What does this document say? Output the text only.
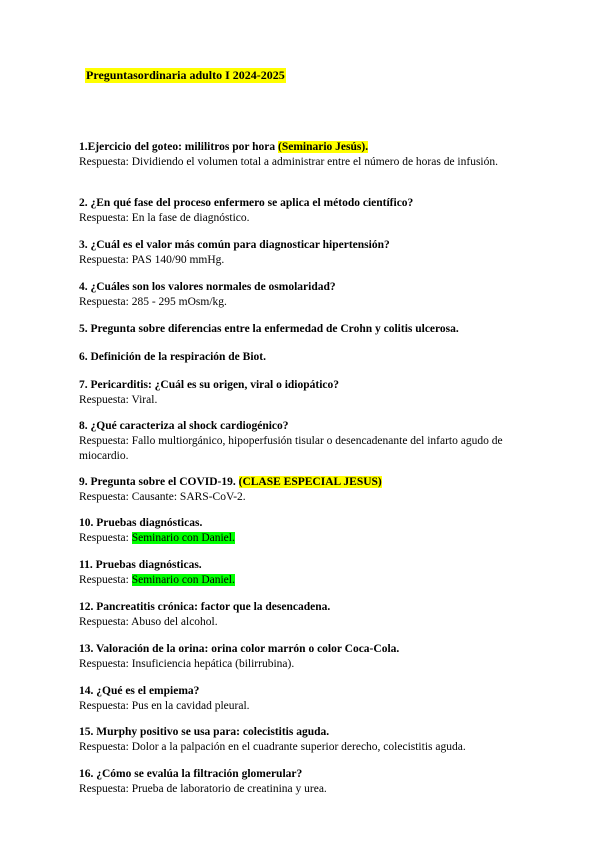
Preguntasordinaria adulto I 2024-2025
1.Ejercicio del goteo: mililitros por hora (Seminario Jesús).
Respuesta: Dividiendo el volumen total a administrar entre el número de horas de infusión.
2. ¿En qué fase del proceso enfermero se aplica el método científico?
Respuesta: En la fase de diagnóstico.
3. ¿Cuál es el valor más común para diagnosticar hipertensión?
Respuesta: PAS 140/90 mmHg.
4. ¿Cuáles son los valores normales de osmolaridad?
Respuesta: 285 - 295 mOsm/kg.
5. Pregunta sobre diferencias entre la enfermedad de Crohn y colitis ulcerosa.
6. Definición de la respiración de Biot.
7. Pericarditis: ¿Cuál es su origen, viral o idiopático?
Respuesta: Viral.
8. ¿Qué caracteriza al shock cardiogénico?
Respuesta: Fallo multiorgánico, hipoperfusión tisular o desencadenante del infarto agudo de miocardio.
9. Pregunta sobre el COVID-19. (CLASE ESPECIAL JESUS)
Respuesta: Causante: SARS-CoV-2.
10. Pruebas diagnósticas.
Respuesta: Seminario con Daniel.
11. Pruebas diagnósticas.
Respuesta: Seminario con Daniel.
12. Pancreatitis crónica: factor que la desencadena.
Respuesta: Abuso del alcohol.
13. Valoración de la orina: orina color marrón o color Coca-Cola.
Respuesta: Insuficiencia hepática (bilirrubina).
14. ¿Qué es el empiema?
Respuesta: Pus en la cavidad pleural.
15. Murphy positivo se usa para: colecistitis aguda.
Respuesta: Dolor a la palpación en el cuadrante superior derecho, colecistitis aguda.
16. ¿Cómo se evalúa la filtración glomerular?
Respuesta: Prueba de laboratorio de creatinina y urea.
